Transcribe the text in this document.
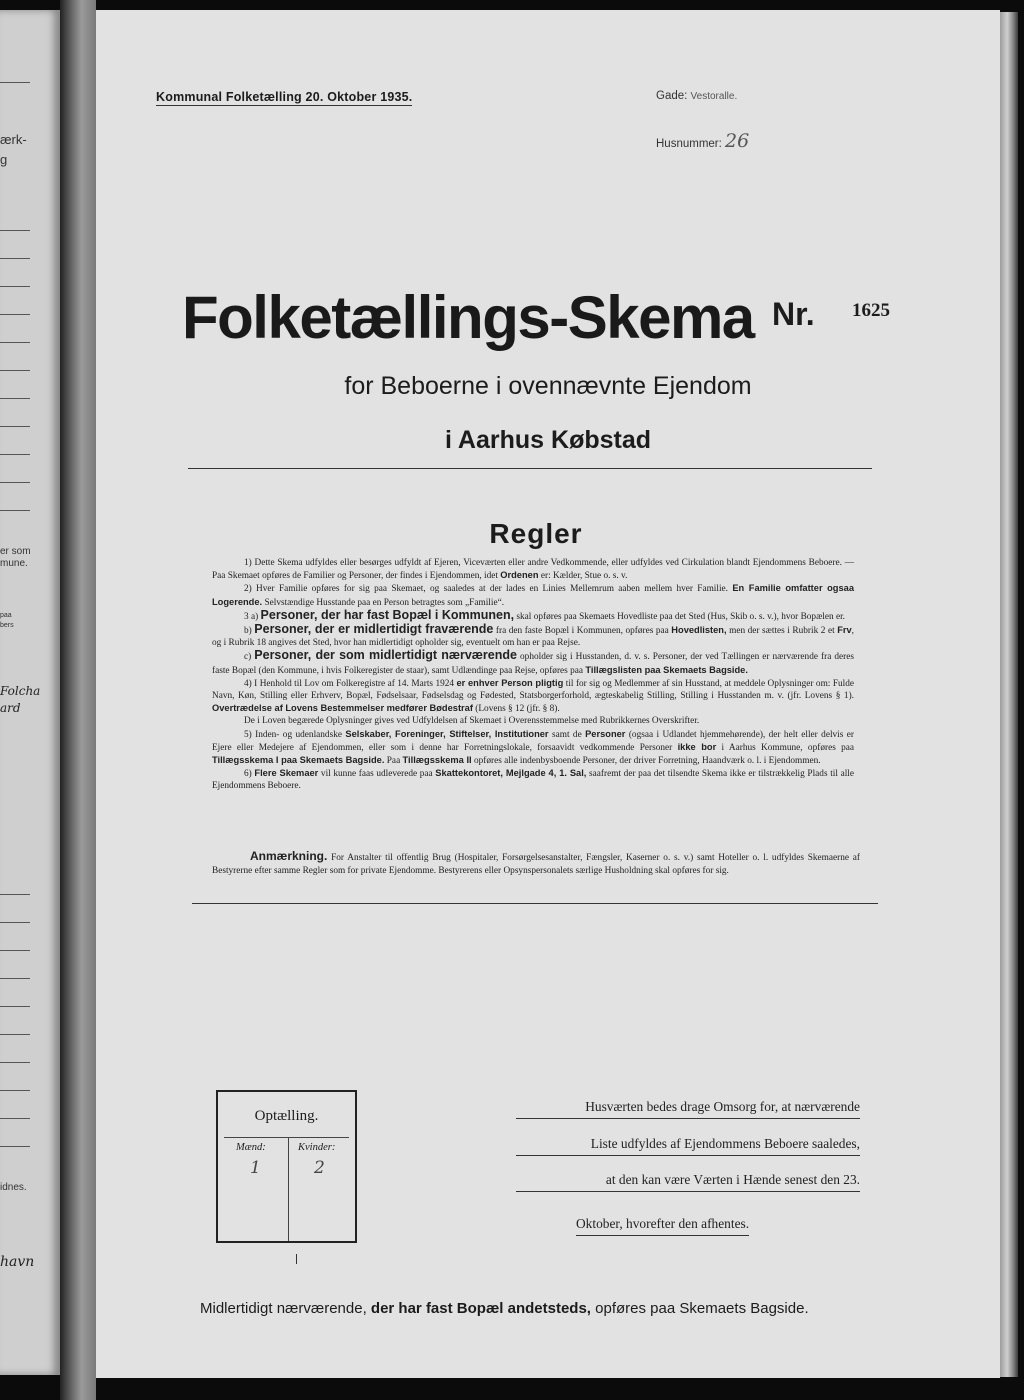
ærk-
g
er som
mune.
paa
bers
Folcha
ard
idnes.
havn
Kommunal Folketælling 20. Oktober 1935.	Gade: Vestoralle.
Husnummer: 26
Folketællings-Skema Nr. 1625
for Beboerne i ovennævnte Ejendom
i Aarhus Købstad
Regler

1) Dette Skema udfyldes eller besørges udfyldt af Ejeren, Viceværten eller andre Vedkommende, eller udfyldes ved Cirkulation blandt Ejendommens Beboere. — Paa Skemaet opføres de Familier og Personer, der findes i Ejendommen, idet Ordenen er: Kælder, Stue o. s. v.

2) Hver Familie opføres for sig paa Skemaet, og saaledes at der lades en Linies Mellemrum aaben mellem hver Familie. En Familie omfatter ogsaa Logerende. Selvstændige Husstande paa en Person betragtes som „Familie“.

3 a) Personer, der har fast Bopæl i Kommunen, skal opføres paa Skemaets Hovedliste paa det Sted (Hus, Skib o. s. v.), hvor Bopælen er.

b) Personer, der er midlertidigt fraværende fra den faste Bopæl i Kommunen, opføres paa Hovedlisten, men der sættes i Rubrik 2 et Frv, og i Rubrik 18 angives det Sted, hvor han midlertidigt opholder sig, eventuelt om han er paa Rejse.

c) Personer, der som midlertidigt nærværende opholder sig i Husstanden, d. v. s. Personer, der ved Tællingen er nærværende fra deres faste Bopæl (den Kommune, i hvis Folkeregister de staar), samt Udlændinge paa Rejse, opføres paa Tillægslisten paa Skemaets Bagside.

4) I Henhold til Lov om Folkeregistre af 14. Marts 1924 er enhver Person pligtig til for sig og Medlemmer af sin Husstand, at meddele Oplysninger om: Fulde Navn, Køn, Stilling eller Erhverv, Bopæl, Fødselsaar, Fødselsdag og Fødested, Statsborgerforhold, ægteskabelig Stilling, Stilling i Husstanden m. v. (jfr. Lovens § 1). Overtrædelse af Lovens Bestemmelser medfører Bødestraf (Lovens § 12 (jfr. § 8).

De i Loven begærede Oplysninger gives ved Udfyldelsen af Skemaet i Overensstemmelse med Rubrikkernes Overskrifter.

5) Inden- og udenlandske Selskaber, Foreninger, Stiftelser, Institutioner samt de Personer (ogsaa i Udlandet hjemmehørende), der helt eller delvis er Ejere eller Medejere af Ejendommen, eller som i denne har Forretningslokale, forsaavidt vedkommende Personer ikke bor i Aarhus Kommune, opføres paa Tillægsskema I paa Skemaets Bagside. Paa Tillægsskema II opføres alle indenbysboende Personer, der driver Forretning, Haandværk o. l. i Ejendommen.

6) Flere Skemaer vil kunne faas udleverede paa Skattekontoret, Mejlgade 4, 1. Sal, saafremt der paa det tilsendte Skema ikke er tilstrækkelig Plads til alle Ejendommens Beboere.

Anmærkning. For Anstalter til offentlig Brug (Hospitaler, Forsørgelsesanstalter, Fængsler, Kaserner o. s. v.) samt Hoteller o. l. udfyldes Skemaerne af Bestyrerne efter samme Regler som for private Ejendomme. Bestyrerens eller Opsynspersonalets særlige Husholdning skal opføres for sig.
Optælling.
Mænd:	Kvinder:
1	2
Husværten bedes drage Omsorg for, at nærværende
Liste udfyldes af Ejendommens Beboere saaledes,
at den kan være Værten i Hænde senest den 23.
Oktober, hvorefter den afhentes.
Midlertidigt nærværende, der har fast Bopæl andetsteds, opføres paa Skemaets Bagside.
